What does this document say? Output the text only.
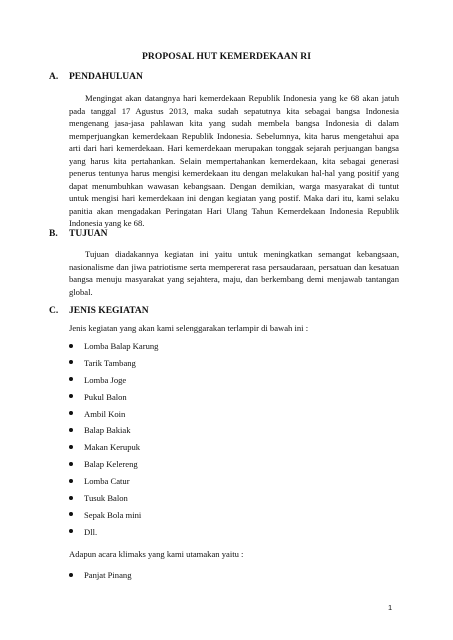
PROPOSAL HUT KEMERDEKAAN RI
A. PENDAHULUAN

Mengingat akan datangnya hari kemerdekaan Republik Indonesia yang ke 68 akan jatuh pada tanggal 17 Agustus 2013, maka sudah sepatutnya kita sebagai bangsa Indonesia mengenang jasa-jasa pahlawan kita yang sudah membela bangsa Indonesia di dalam memperjuangkan kemerdekaan Republik Indonesia. Sebelumnya, kita harus mengetahui apa arti dari hari kemerdekaan. Hari kemerdekaan merupakan tonggak sejarah perjuangan bangsa yang harus kita pertahankan. Selain mempertahankan kemerdekaan, kita sebagai generasi penerus tentunya harus mengisi kemerdekaan itu dengan melakukan hal-hal yang positif yang dapat menumbuhkan wawasan kebangsaan. Dengan demikian, warga masyarakat di tuntut untuk mengisi hari kemerdekaan ini dengan kegiatan yang postif. Maka dari itu, kami selaku panitia akan mengadakan Peringatan Hari Ulang Tahun Kemerdekaan Indonesia Republik Indonesia yang ke 68.

B. TUJUAN

Tujuan diadakannya kegiatan ini yaitu untuk meningkatkan semangat kebangsaan, nasionalisme dan jiwa patriotisme serta mempererat rasa persaudaraan, persatuan dan kesatuan bangsa menuju masyarakat yang sejahtera, maju, dan berkembang demi menjawab tantangan global.

C. JENIS KEGIATAN

Jenis kegiatan yang akan kami selenggarakan terlampir di bawah ini :

Lomba Balap Karung
Tarik Tambang
Lomba Joge
Pukul Balon
Ambil Koin
Balap Bakiak
Makan Kerupuk
Balap Kelereng
Lomba Catur
Tusuk Balon
Sepak Bola mini
Dll.

Adapun acara klimaks yang kami utamakan yaitu :

Panjat Pinang
1
